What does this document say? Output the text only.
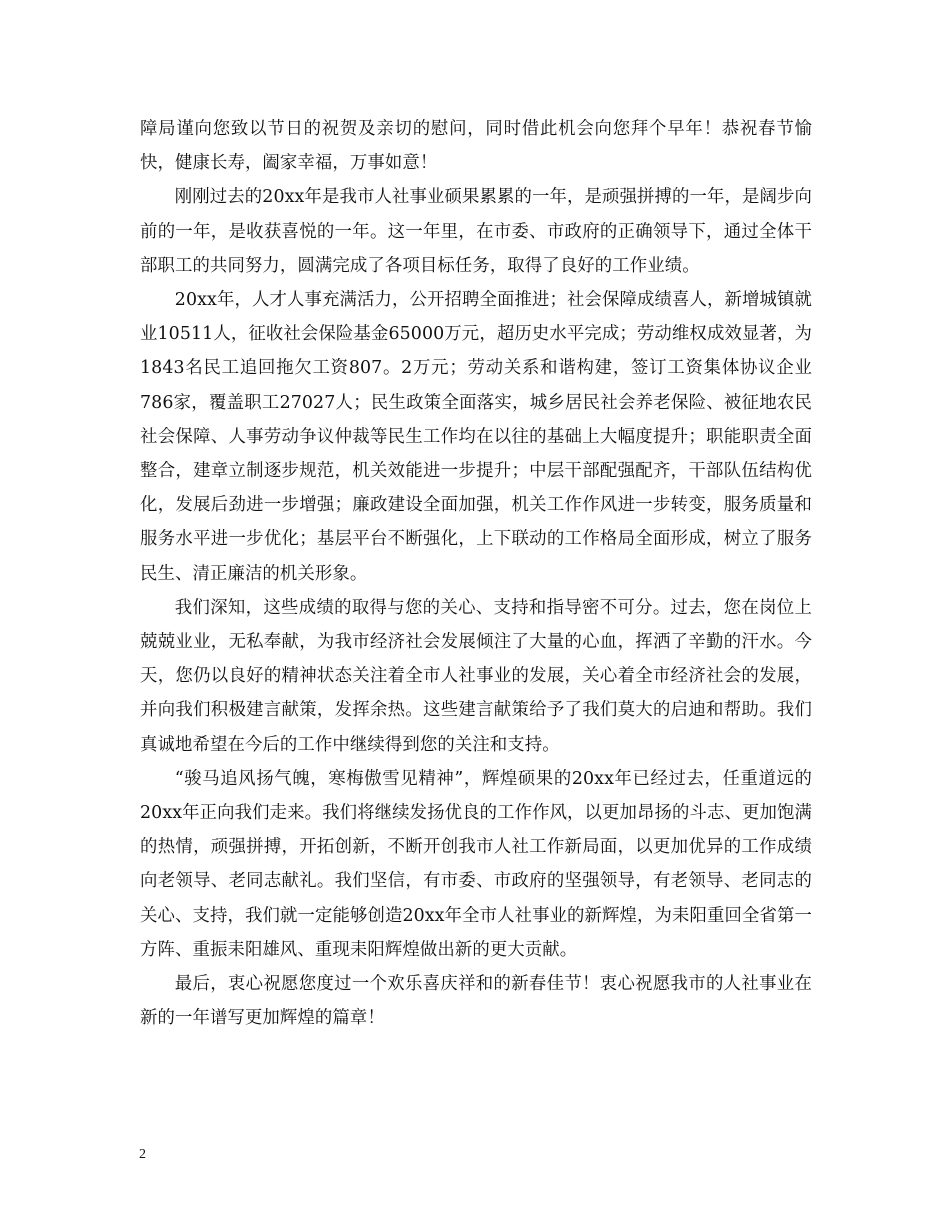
障局谨向您致以节日的祝贺及亲切的慰问，同时借此机会向您拜个早年！恭祝春节愉快，健康长寿，阖家幸福，万事如意！

刚刚过去的20xx年是我市人社事业硕果累累的一年，是顽强拼搏的一年，是阔步向前的一年，是收获喜悦的一年。这一年里，在市委、市政府的正确领导下，通过全体干部职工的共同努力，圆满完成了各项目标任务，取得了良好的工作业绩。

20xx年，人才人事充满活力，公开招聘全面推进；社会保障成绩喜人，新增城镇就业10511人，征收社会保险基金65000万元，超历史水平完成；劳动维权成效显著，为1843名民工追回拖欠工资807。2万元；劳动关系和谐构建，签订工资集体协议企业786家，覆盖职工27027人；民生政策全面落实，城乡居民社会养老保险、被征地农民社会保障、人事劳动争议仲裁等民生工作均在以往的基础上大幅度提升；职能职责全面整合，建章立制逐步规范，机关效能进一步提升；中层干部配强配齐，干部队伍结构优化，发展后劲进一步增强；廉政建设全面加强，机关工作作风进一步转变，服务质量和服务水平进一步优化；基层平台不断强化，上下联动的工作格局全面形成，树立了服务民生、清正廉洁的机关形象。

我们深知，这些成绩的取得与您的关心、支持和指导密不可分。过去，您在岗位上兢兢业业，无私奉献，为我市经济社会发展倾注了大量的心血，挥洒了辛勤的汗水。今天，您仍以良好的精神状态关注着全市人社事业的发展，关心着全市经济社会的发展，并向我们积极建言献策，发挥余热。这些建言献策给予了我们莫大的启迪和帮助。我们真诚地希望在今后的工作中继续得到您的关注和支持。

“骏马追风扬气魄，寒梅傲雪见精神”，辉煌硕果的20xx年已经过去，任重道远的20xx年正向我们走来。我们将继续发扬优良的工作作风，以更加昂扬的斗志、更加饱满的热情，顽强拼搏，开拓创新，不断开创我市人社工作新局面，以更加优异的工作成绩向老领导、老同志献礼。我们坚信，有市委、市政府的坚强领导，有老领导、老同志的关心、支持，我们就一定能够创造20xx年全市人社事业的新辉煌，为耒阳重回全省第一方阵、重振耒阳雄风、重现耒阳辉煌做出新的更大贡献。

最后，衷心祝愿您度过一个欢乐喜庆祥和的新春佳节！衷心祝愿我市的人社事业在新的一年谱写更加辉煌的篇章！

2
